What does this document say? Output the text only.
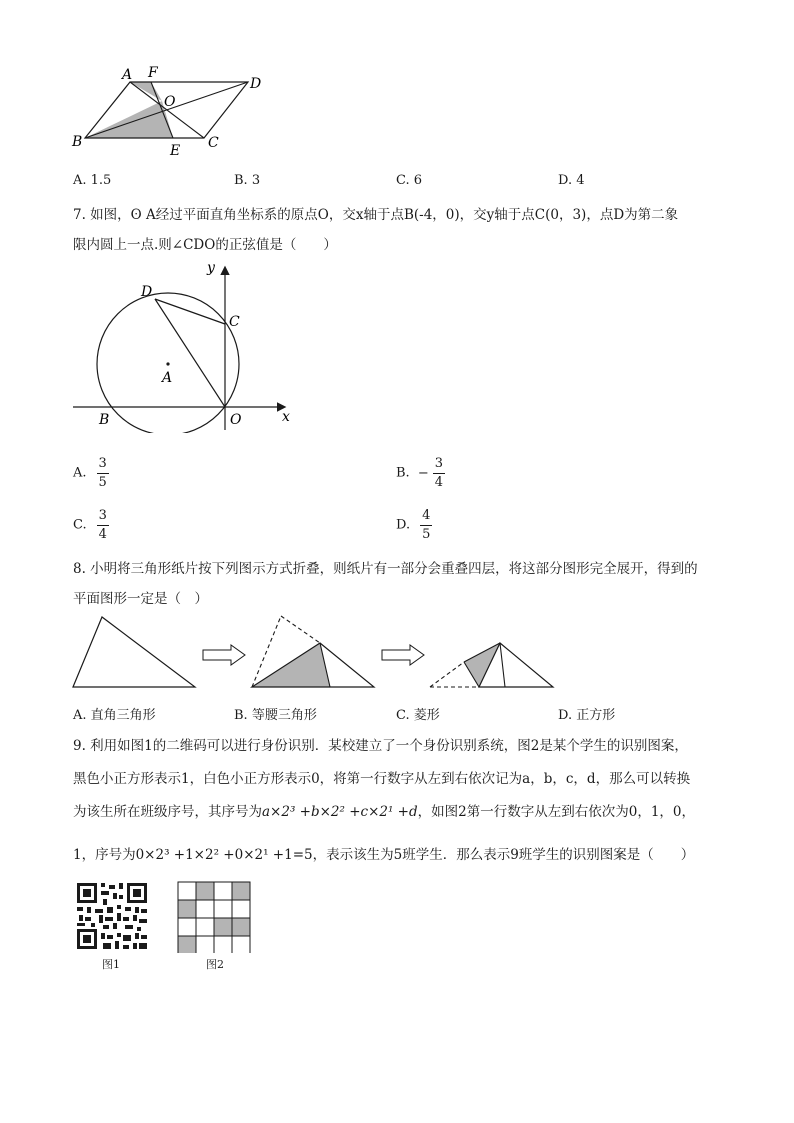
A F
D
O
B
E C
A. 1.5	B. 3	C. 6	D. 4
7. 如图，ʘ A经过平面直角坐标系的原点O，交x轴于点B(-4，0)，交y轴于点C(0，3)，点D为第二象
限内圆上一点.则∠CDO的正弦值是（　　）
y
x
D
C
A
B	O
A. $\frac{3}{5}$	B. − $\frac{3}{4}$
C. $\frac{3}{4}$	D. $\frac{4}{5}$
8. 小明将三角形纸片按下列图示方式折叠，则纸片有一部分会重叠四层，将这部分图形完全展开，得到的
平面图形一定是（　）
A. 直角三角形	B. 等腰三角形	C. 菱形	D. 正方形
9. 利用如图1的二维码可以进行身份识别．某校建立了一个身份识别系统，图2是某个学生的识别图案，
黑色小正方形表示1，白色小正方形表示0，将第一行数字从左到右依次记为a，b，c，d，那么可以转换
为该生所在班级序号，其序号为a×2³ +b×2² +c×2¹ +d，如图2第一行数字从左到右依次为0，1，0，
1，序号为0×2³ +1×2² +0×2¹ +1=5，表示该生为5班学生．那么表示9班学生的识别图案是（　　）
图1	图2
